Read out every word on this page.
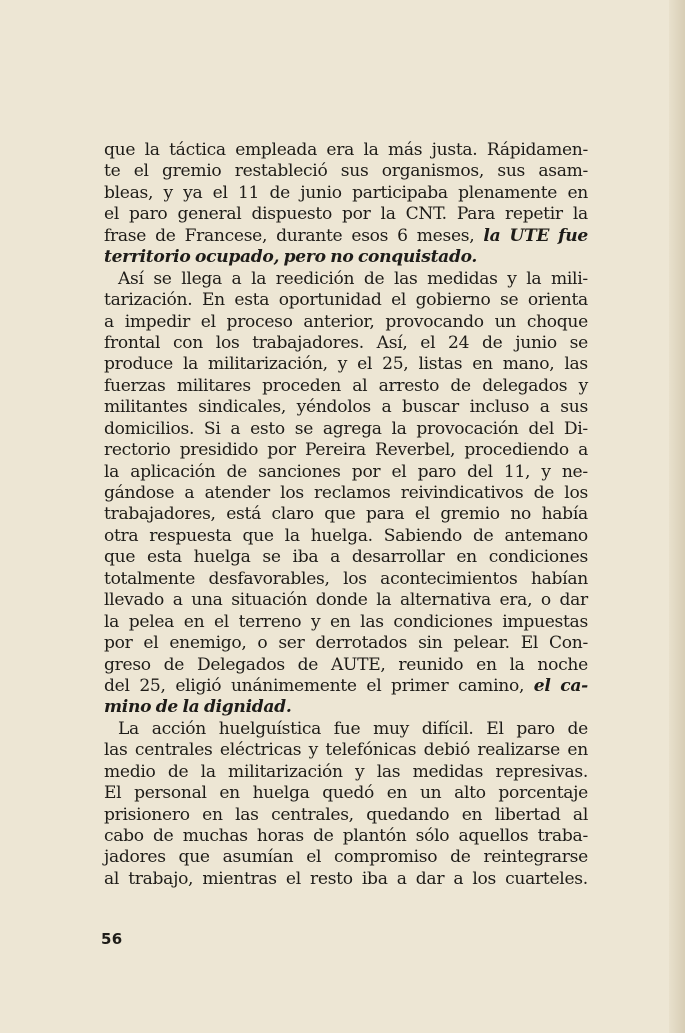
que la táctica empleada era la más justa. Rápidamen-
te el gremio restableció sus organismos, sus asam-
bleas, y ya el 11 de junio participaba plenamente en
el paro general dispuesto por la CNT. Para repetir la
frase de Francese, durante esos 6 meses, la UTE fue
territorio ocupado, pero no conquistado.
Así se llega a la reedición de las medidas y la mili-
tarización. En esta oportunidad el gobierno se orienta
a impedir el proceso anterior, provocando un choque
frontal con los trabajadores. Así, el 24 de junio se
produce la militarización, y el 25, listas en mano, las
fuerzas militares proceden al arresto de delegados y
militantes sindicales, yéndolos a buscar incluso a sus
domicilios. Si a esto se agrega la provocación del Di-
rectorio presidido por Pereira Reverbel, procediendo a
la aplicación de sanciones por el paro del 11, y ne-
gándose a atender los reclamos reivindicativos de los
trabajadores, está claro que para el gremio no había
otra respuesta que la huelga. Sabiendo de antemano
que esta huelga se iba a desarrollar en condiciones
totalmente desfavorables, los acontecimientos habían
llevado a una situación donde la alternativa era, o dar
la pelea en el terreno y en las condiciones impuestas
por el enemigo, o ser derrotados sin pelear. El Con-
greso de Delegados de AUTE, reunido en la noche
del 25, eligió unánimemente el primer camino, el ca-
mino de la dignidad.
La acción huelguística fue muy difícil. El paro de
las centrales eléctricas y telefónicas debió realizarse en
medio de la militarización y las medidas represivas.
El personal en huelga quedó en un alto porcentaje
prisionero en las centrales, quedando en libertad al
cabo de muchas horas de plantón sólo aquellos traba-
jadores que asumían el compromiso de reintegrarse
al trabajo, mientras el resto iba a dar a los cuarteles.
56
